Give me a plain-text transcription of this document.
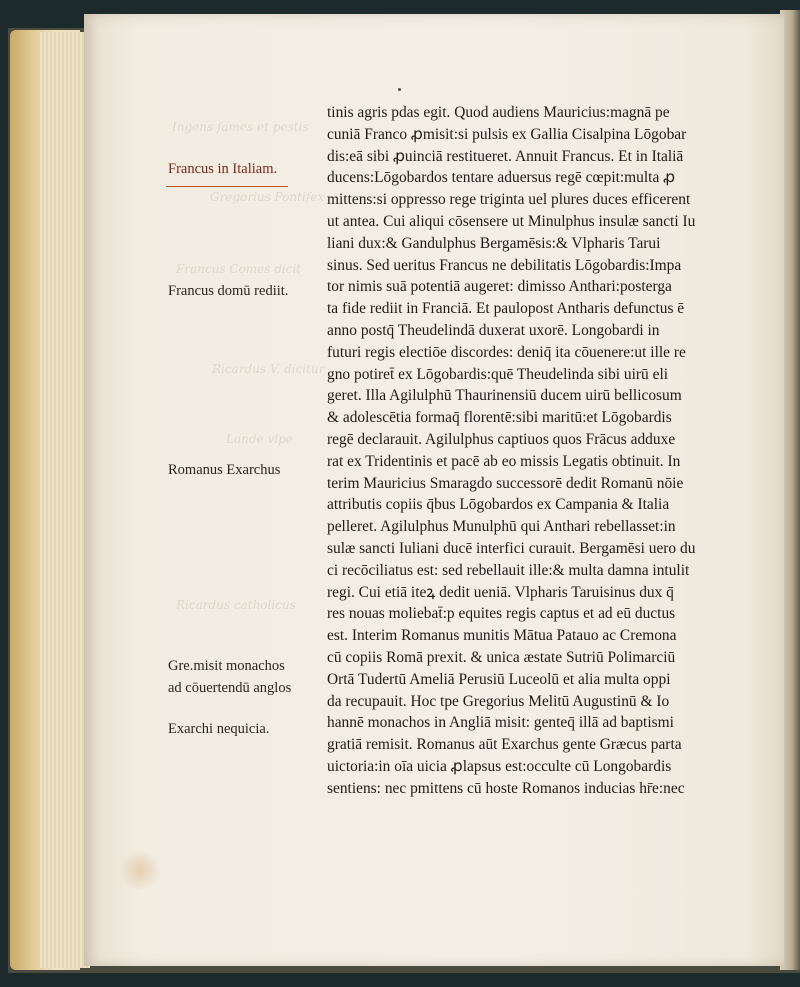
Ingens fames et pestis
Gregorius Pontifex
Francus Comes dicit
Ricardus V. dicitur
Lande vipe
Ricardus catholicus
Francus in Italiam.
Francus domū rediit.
Romanus Exarchus
Gre.misit monachos
ad cōuertendū anglos
Exarchi nequicia.
tinis agris pdas egit. Quod audiens Mauricius:magnā pe
cuniā Franco ꝓmisit:si pulsis ex Gallia Cisalpina Lōgobar
dis:eā sibi ꝓuinciā restitueret. Annuit Francus. Et in Italiā
ducens:Lōgobardos tentare aduersus regē cœpit:multa ꝓ
mittens:si oppresso rege triginta uel plures duces efficerent
ut antea. Cui aliqui cōsensere ut Minulphus insulæ sancti Iu
liani dux:& Gandulphus Bergamēsis:& Vlpharis Tarui
sinus. Sed ueritus Francus ne debilitatis Lōgobardis:Impa
tor nimis suā potentiā augeret: dimisso Anthari:posterga
ta fide rediit in Franciā. Et paulopost Antharis defunctus ē
anno postq̄ Theudelindā duxerat uxorē. Longobardi in
futuri regis electiōe discordes: deniq̄ ita cōuenere:ut ille re
gno potiret̄ ex Lōgobardis:quē Theudelinda sibi uirū eli
geret. Illa Agilulphū Thaurinensiū ducem uirū bellicosum
& adolescētia formaq̄ florentē:sibi maritū:et Lōgobardis
regē declarauit. Agilulphus captiuos quos Frācus adduxe
rat ex Tridentinis et pacē ab eo missis Legatis obtinuit. In
terim Mauricius Smaragdo successorē dedit Romanū nōie
attributis copiis q̄bus Lōgobardos ex Campania & Italia
pelleret. Agilulphus Munulphū qui Anthari rebellasset:in
sulæ sancti Iuliani ducē interfici curauit. Bergamēsi uero du
ci recōciliatus est: sed rebellauit ille:& multa damna intulit
regi. Cui etiā iteꝝ dedit ueniā. Vlpharis Taruisinus dux q̄
res nouas moliebat̄:p equites regis captus et ad eū ductus
est. Interim Romanus munitis Mātua Patauo ac Cremona
cū copiis Romā prexit. & unica æstate Sutriū Polimarciū
Ortā Tudertū Ameliā Perusiū Luceolū et alia multa oppi
da recupauit. Hoc tpe Gregorius Melitū Augustinū & Io
hannē monachos in Angliā misit: genteq̄ illā ad baptismi
gratiā remisit. Romanus aūt Exarchus gente Græcus parta
uictoria:in oīa uicia ꝓlapsus est:occulte cū Longobardis
sentiens: nec pmittens cū hoste Romanos inducias hr̄e:nec
